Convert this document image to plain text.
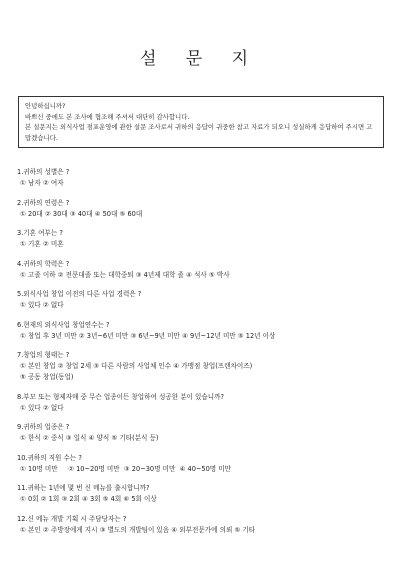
설 문 지
안녕하십니까?
바쁘신 중에도 본 조사에 협조해 주셔서 대단히 감사합니다.
본 설문지는 외식사업 점포운영에 관한 설문 조사로서 귀하의 응답이 귀중한 참고 자료가 되오니 성실하게 응답하여 주시면 고맙겠습니다.
1.귀하의 성별은 ?
① 남자 ② 여자
2.귀하의 연령은 ?
① 20대 ② 30대 ③ 40대 ④ 50대 ⑤ 60대
3.기혼 여부는 ?
① 기혼 ② 미혼
4.귀하의 학력은 ?
① 고졸 이하 ② 전문대졸 또는 대학중퇴 ③ 4년제 대학 졸 ④ 석사 ⑤ 박사
5.외식사업 창업 이전의 다른 사업 경력은 ?
① 있다 ② 없다
6.현재의 외식사업 창업연수는 ?
① 창업 후 3년 미만 ② 3년~6년 미만 ③ 6년~9년 미만 ④ 9년~12년 미만 ⑤ 12년 이상
7.창업의 형태는 ?
① 본인 창업 ② 창업 2세 ③ 다른 사람의 사업체 인수 ④ 가맹점 창업(프랜차이즈)
⑤ 공동 창업(동업)
8.부모 또는 형제자매 중 무슨 업종이든 창업하여 성공한 분이 있습니까?
① 있다 ② 없다
9.귀하의 업종은 ?
① 한식 ② 중식 ③ 일식 ④ 양식 ⑤ 기타(분식 등)
10.귀하의 직원 수는 ?
① 10명 미만     ② 10~20명 미만  ③ 20~30명 미만  ④ 40~50명 미만
11.귀하는 1년에 몇 번 신 메뉴를 출시합니까?
① 0회 ② 1회 ③ 2회 ④ 3회 ⑤ 4회 ⑥ 5회 이상
12.신 메뉴 개발 기획 시 주담당자는 ?
① 본인 ② 주방장에게 지시 ③ 별도의 개발팀이 있음 ④ 외부전문가에 의뢰 ⑤ 기타
